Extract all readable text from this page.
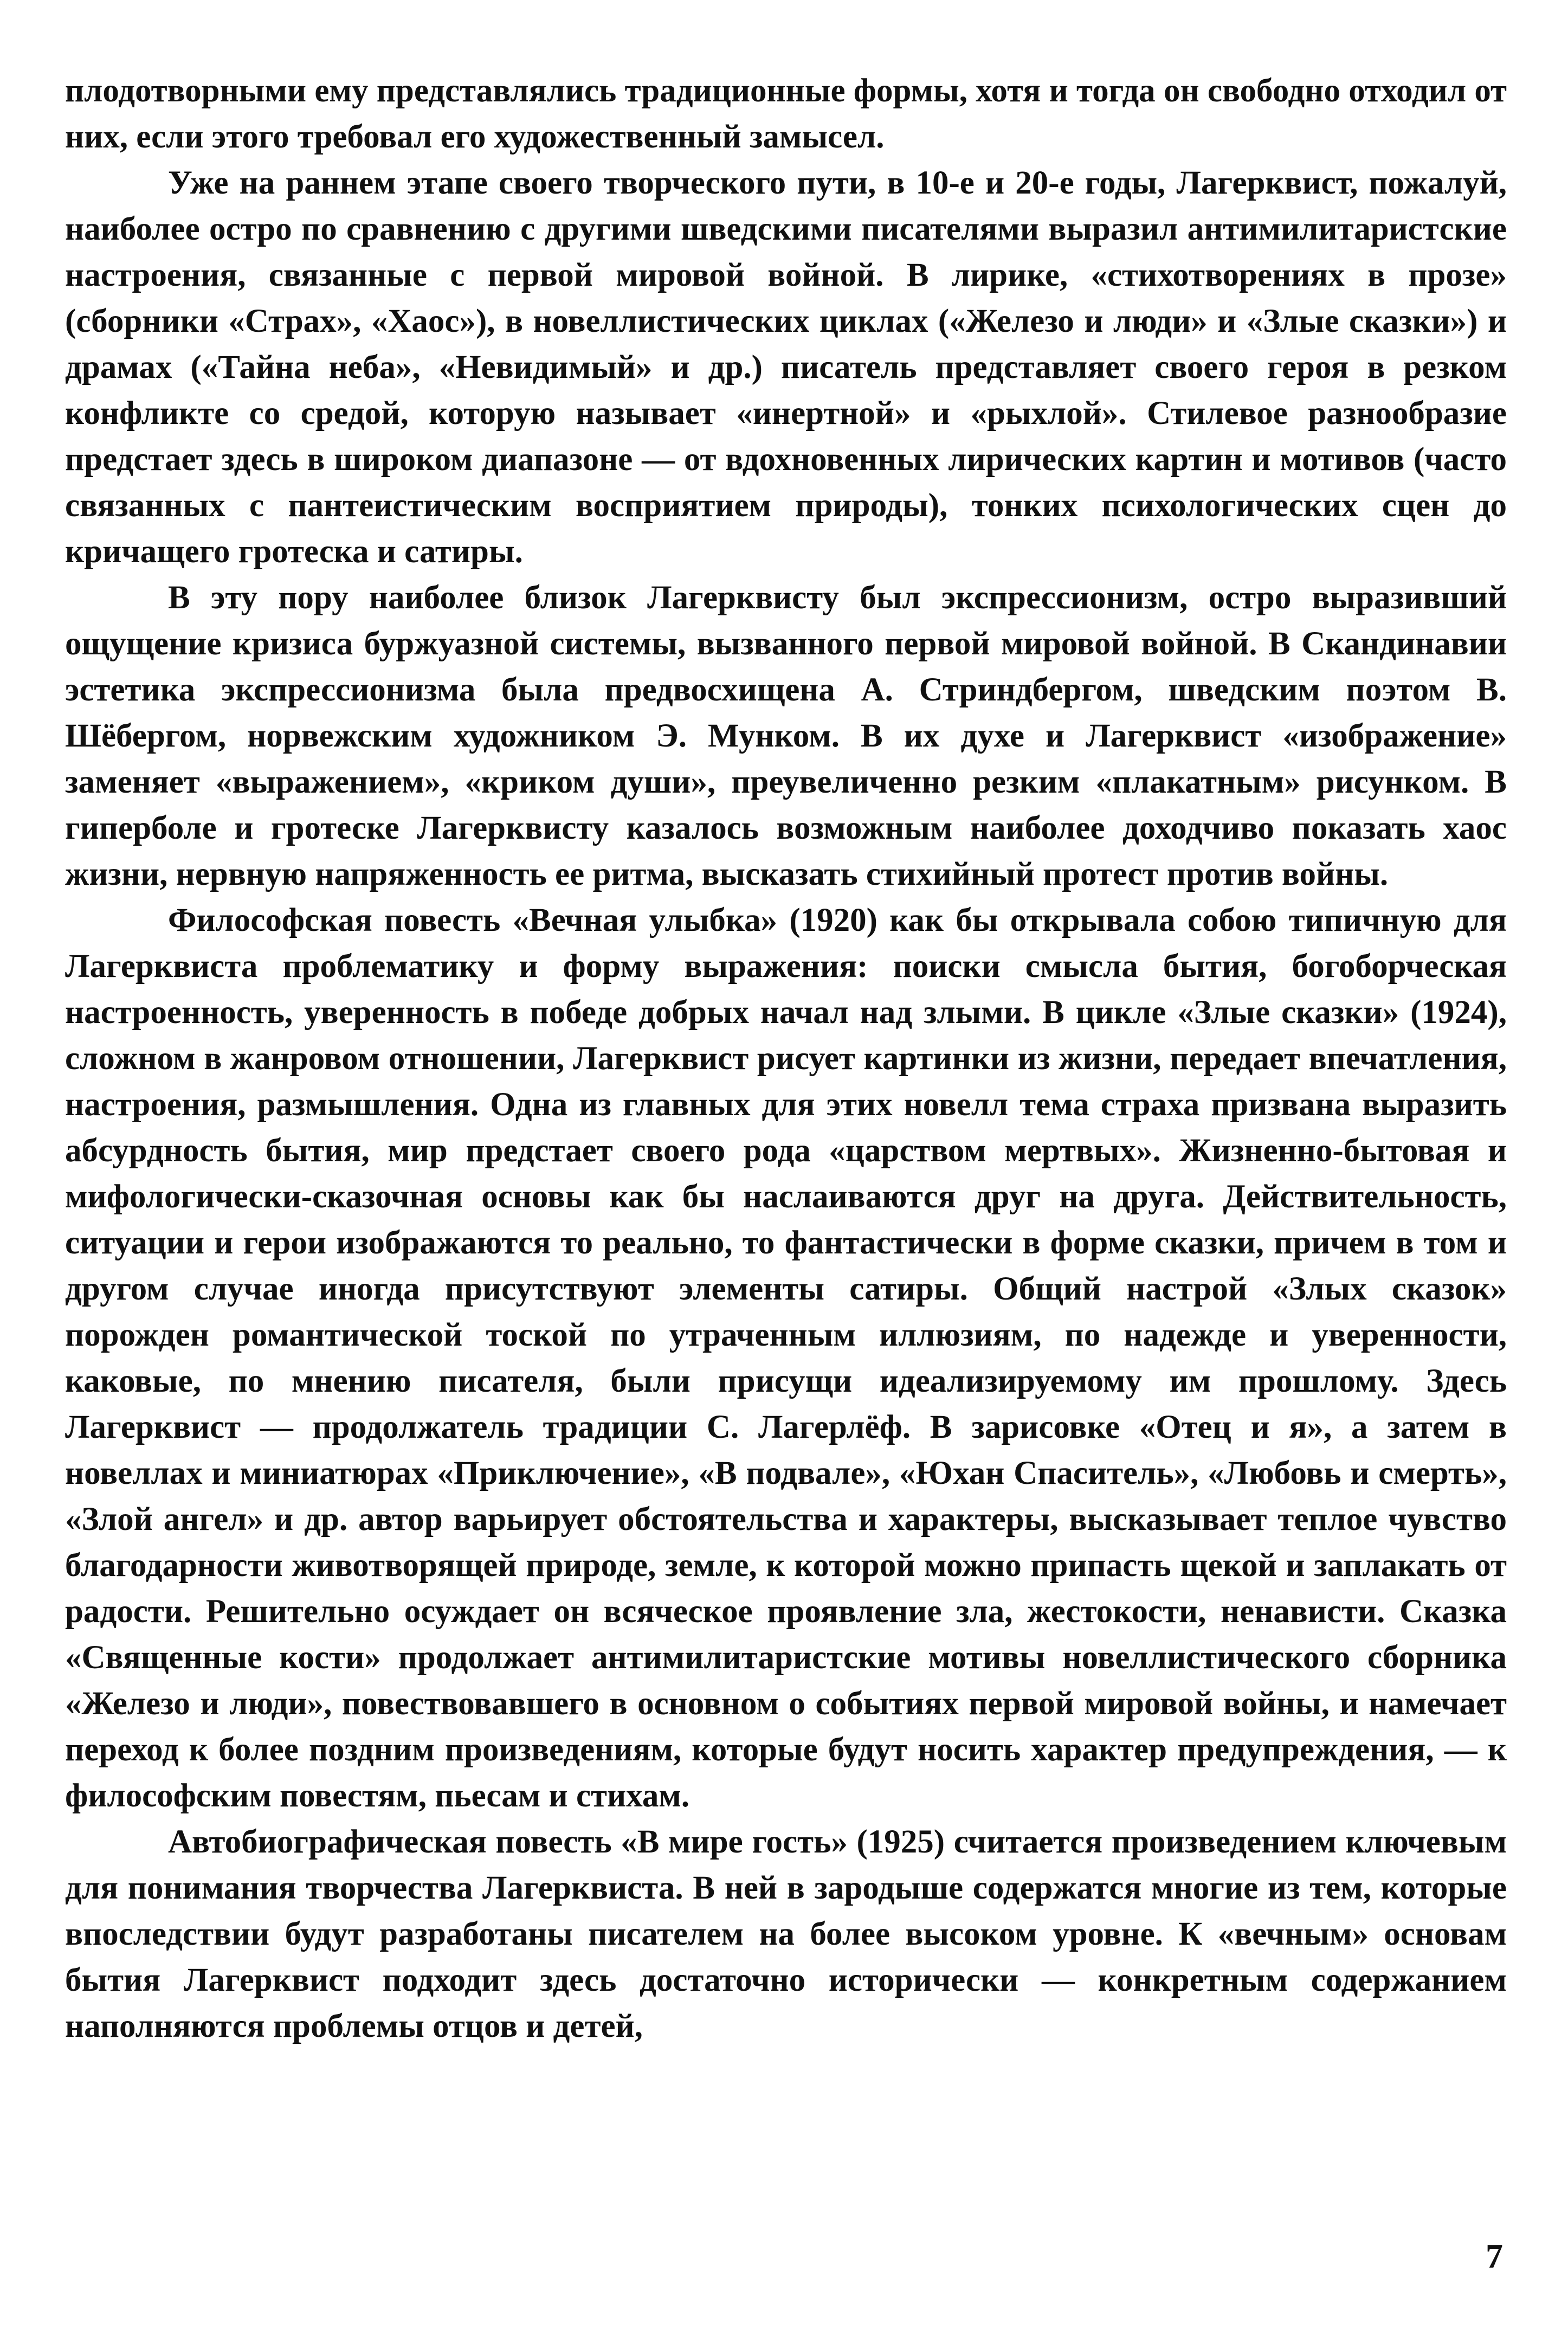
плодотворными ему представлялись традиционные формы, хотя и тогда он свободно отходил от них, если этого требовал его художественный замысел.

Уже на раннем этапе своего творческого пути, в 10-е и 20-е годы, Лагерквист, пожалуй, наиболее остро по сравнению с другими шведскими писателями выразил антимилитаристские настроения, связанные с первой мировой войной. В лирике, «стихотворениях в прозе» (сборники «Страх», «Хаос»), в новеллистических циклах («Железо и люди» и «Злые сказки») и драмах («Тайна неба», «Невидимый» и др.) писатель представляет своего героя в резком конфликте со средой, которую называет «инертной» и «рыхлой». Стилевое разнообразие предстает здесь в широком диапазоне — от вдохновенных лирических картин и мотивов (часто связанных с пантеистическим восприятием природы), тонких психологических сцен до кричащего гротеска и сатиры.

В эту пору наиболее близок Лагерквисту был экспрессионизм, остро выразивший ощущение кризиса буржуазной системы, вызванного первой мировой войной. В Скандинавии эстетика экспрессионизма была предвосхищена А. Стриндбергом, шведским поэтом В. Шёбергом, норвежским художником Э. Мунком. В их духе и Лагерквист «изображение» заменяет «выражением», «криком души», преувеличенно резким «плакатным» рисунком. В гиперболе и гротеске Лагерквисту казалось возможным наиболее доходчиво показать хаос жизни, нервную напряженность ее ритма, высказать стихийный протест против войны.

Философская повесть «Вечная улыбка» (1920) как бы открывала собою типичную для Лагерквиста проблематику и форму выражения: поиски смысла бытия, богоборческая настроенность, уверенность в победе добрых начал над злыми. В цикле «Злые сказки» (1924), сложном в жанровом отношении, Лагерквист рисует картинки из жизни, передает впечатления, настроения, размышления. Одна из главных для этих новелл тема страха призвана выразить абсурдность бытия, мир предстает своего рода «царством мертвых». Жизненно-бытовая и мифологически-сказочная основы как бы наслаиваются друг на друга. Действительность, ситуации и герои изображаются то реально, то фантастически в форме сказки, причем в том и другом случае иногда присутствуют элементы сатиры. Общий настрой «Злых сказок» порожден романтической тоской по утраченным иллюзиям, по надежде и уверенности, каковые, по мнению писателя, были присущи идеализируемому им прошлому. Здесь Лагерквист — продолжатель традиции С. Лагерлёф. В зарисовке «Отец и я», а затем в новеллах и миниатюрах «Приключение», «В подвале», «Юхан Спаситель», «Любовь и смерть», «Злой ангел» и др. автор варьирует обстоятельства и характеры, высказывает теплое чувство благодарности животворящей природе, земле, к которой можно припасть щекой и заплакать от радости. Решительно осуждает он всяческое проявление зла, жестокости, ненависти. Сказка «Священные кости» продолжает антимилитаристские мотивы новеллистического сборника «Железо и люди», повествовавшего в основном о событиях первой мировой войны, и намечает переход к более поздним произведениям, которые будут носить характер предупреждения, — к философским повестям, пьесам и стихам.

Автобиографическая повесть «В мире гость» (1925) считается произведением ключевым для понимания творчества Лагерквиста. В ней в зародыше содержатся многие из тем, которые впоследствии будут разработаны писателем на более высоком уровне. К «вечным» основам бытия Лагерквист подходит здесь достаточно исторически — конкретным содержанием наполняются проблемы отцов и детей,

7
